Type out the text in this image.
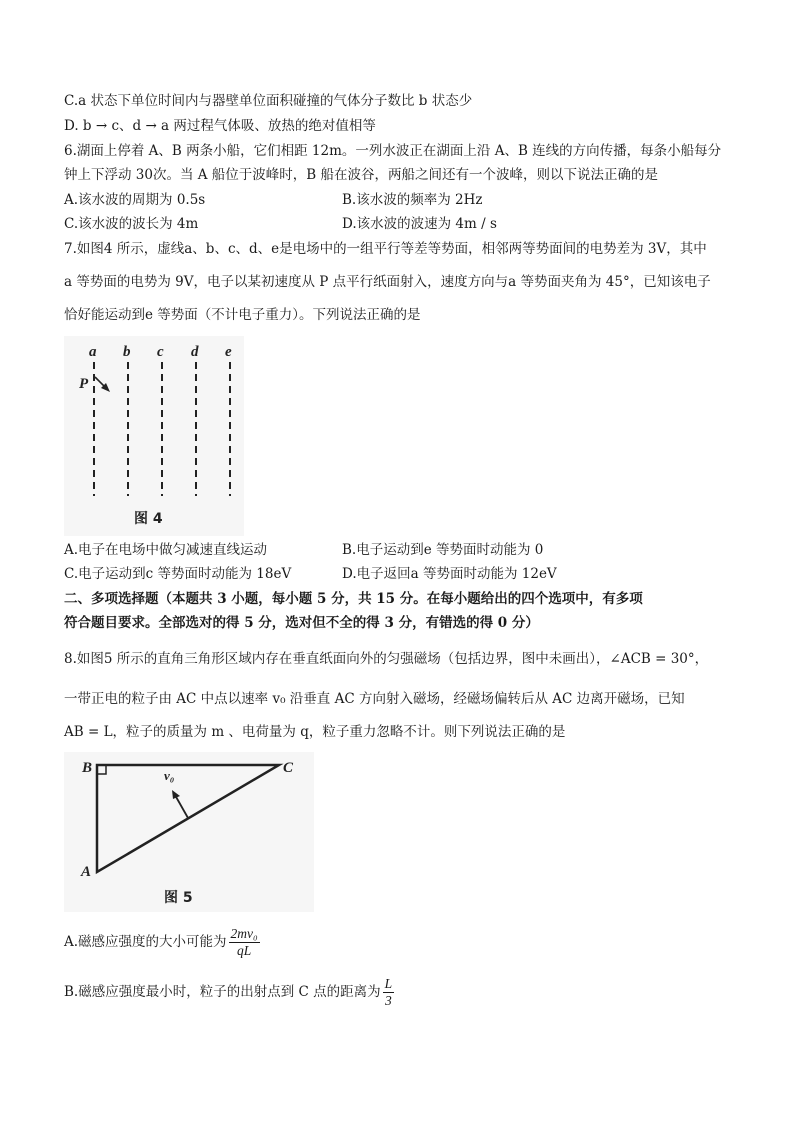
C.a 状态下单位时间内与器壁单位面积碰撞的气体分子数比 b 状态少
D. b → c、d → a 两过程气体吸、放热的绝对值相等
6.湖面上停着 A、B 两条小船，它们相距 12m。一列水波正在湖面上沿 A、B 连线的方向传播，每条小船每分
钟上下浮动 30次。当 A 船位于波峰时，B 船在波谷，两船之间还有一个波峰，则以下说法正确的是
A.该水波的周期为 0.5s	B.该水波的频率为 2Hz
C.该水波的波长为 4m	D.该水波的波速为 4m / s
7.如图4 所示，虚线a、b、c、d、e是电场中的一组平行等差等势面，相邻两等势面间的电势差为 3V，其中
a 等势面的电势为 9V，电子以某初速度从 P 点平行纸面射入，速度方向与a 等势面夹角为 45°，已知该电子
恰好能运动到e 等势面（不计电子重力）。下列说法正确的是
a b c d e
P
图 4
A.电子在电场中做匀减速直线运动	B.电子运动到e 等势面时动能为 0
C.电子运动到c 等势面时动能为 18eV	D.电子返回a 等势面时动能为 12eV
二、多项选择题（本题共 3 小题，每小题 5 分，共 15 分。在每小题给出的四个选项中，有多项
符合题目要求。全部选对的得 5 分，选对但不全的得 3 分，有错选的得 0 分）
8.如图5 所示的直角三角形区域内存在垂直纸面向外的匀强磁场（包括边界，图中未画出），∠ACB = 30°，
一带正电的粒子由 AC 中点以速率 v₀ 沿垂直 AC 方向射入磁场，经磁场偏转后从 AC 边离开磁场，已知
AB = L，粒子的质量为 m 、电荷量为 q，粒子重力忽略不计。则下列说法正确的是
B	C
A
v₀
图 5
A.磁感应强度的大小可能为 $\frac{\text{2mv₀}}{qL}$
B.磁感应强度最小时，粒子的出射点到 C 点的距离为 $\frac{L}{3}$
